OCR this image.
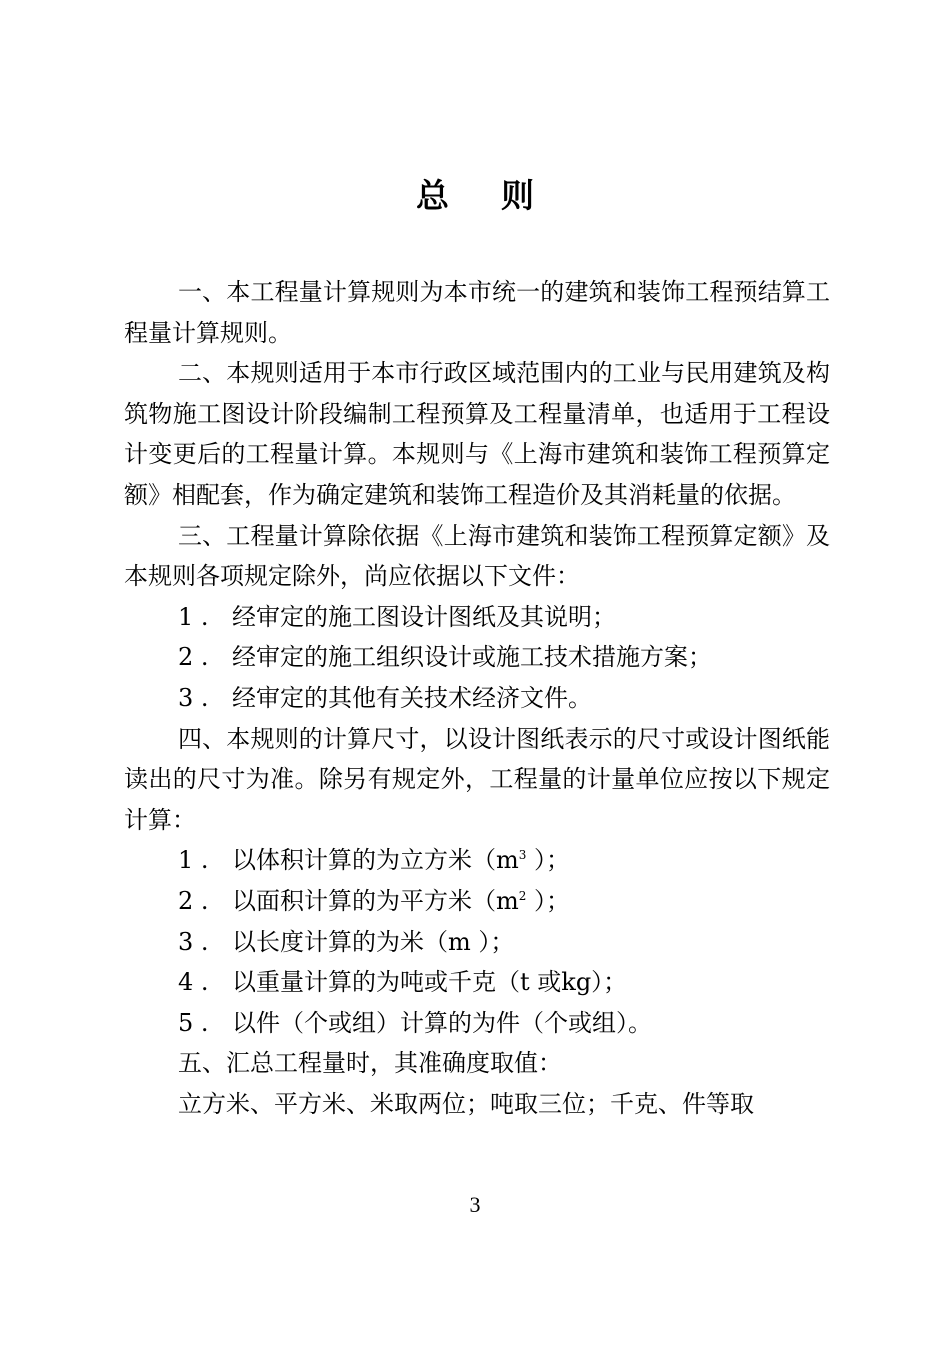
总 则

一、本工程量计算规则为本市统一的建筑和装饰工程预结算工程量计算规则。

二、本规则适用于本市行政区域范围内的工业与民用建筑及构筑物施工图设计阶段编制工程预算及工程量清单，也适用于工程设计变更后的工程量计算。本规则与《上海市建筑和装饰工程预算定额》相配套，作为确定建筑和装饰工程造价及其消耗量的依据。

三、工程量计算除依据《上海市建筑和装饰工程预算定额》及本规则各项规定除外，尚应依据以下文件：

1 . 经审定的施工图设计图纸及其说明；

2 . 经审定的施工组织设计或施工技术措施方案；

3 . 经审定的其他有关技术经济文件。

四、本规则的计算尺寸，以设计图纸表示的尺寸或设计图纸能读出的尺寸为准。除另有规定外，工程量的计量单位应按以下规定计算：

1 . 以体积计算的为立方米（$m^3$ ）；

2 . 以面积计算的为平方米（$m^2$ ）；

3 . 以长度计算的为米（m ）；

4 . 以重量计算的为吨或千克（t 或kg）；

5 . 以件（个或组）计算的为件（个或组）。

五、汇总工程量时，其准确度取值：

立方米、平方米、米取两位；吨取三位；千克、件等取

3
